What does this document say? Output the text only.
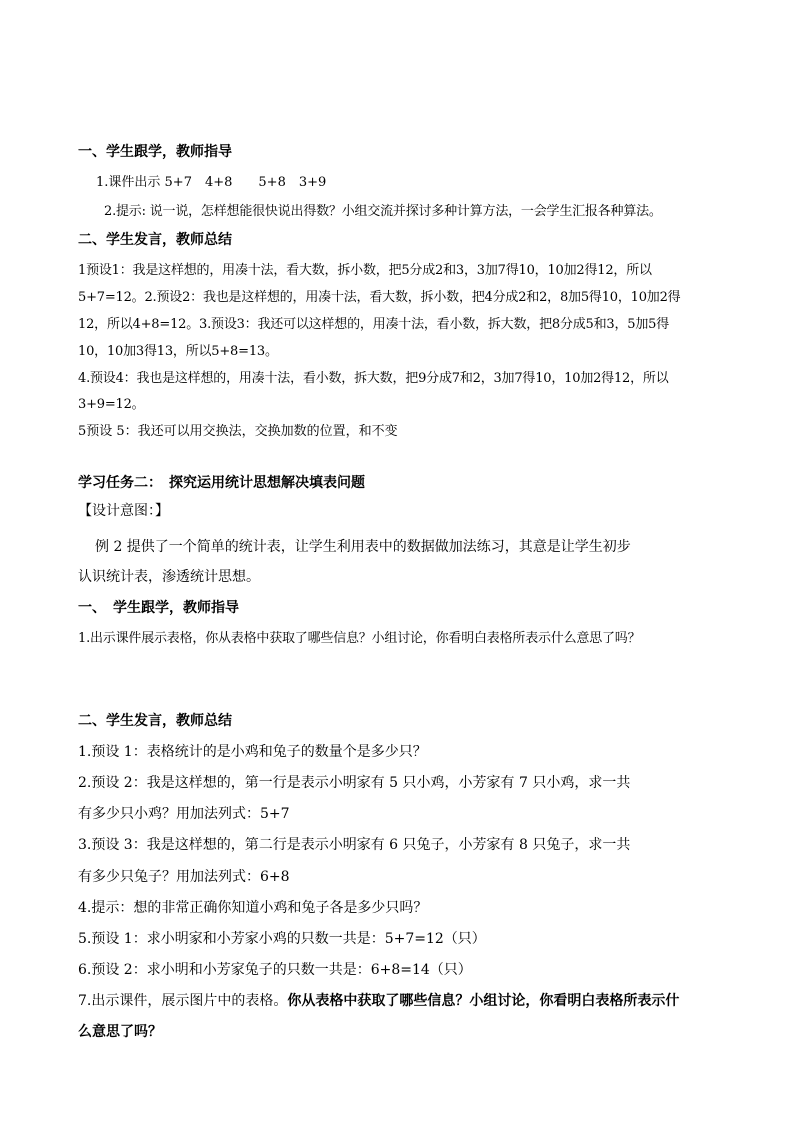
一、学生跟学，教师指导
1.课件出示 5+7　4+8　　5+8　3+9
2.提示: 说一说，怎样想能很快说出得数？小组交流并探讨多种计算方法，一会学生汇报各种算法。
二、学生发言，教师总结
1预设1：我是这样想的，用凑十法，看大数，拆小数，把5分成2和3，3加7得10，10加2得12，所以
5+7=12。2.预设2：我也是这样想的，用凑十法，看大数，拆小数，把4分成2和2，8加5得10，10加2得
12，所以4+8=12。3.预设3：我还可以这样想的，用凑十法，看小数，拆大数，把8分成5和3，5加5得
10，10加3得13，所以5+8=13。
4.预设4：我也是这样想的，用凑十法，看小数，拆大数，把9分成7和2，3加7得10，10加2得12，所以
3+9=12。
5预设 5：我还可以用交换法，交换加数的位置，和不变
学习任务二：　探究运用统计思想解决填表问题
【设计意图：】
例 2 提供了一个简单的统计表，让学生利用表中的数据做加法练习，其意是让学生初步
认识统计表，渗透统计思想。
一、　学生跟学，教师指导
1.出示课件展示表格，你从表格中获取了哪些信息？小组讨论，你看明白表格所表示什么意思了吗？
二、学生发言，教师总结
1.预设 1：表格统计的是小鸡和兔子的数量个是多少只？
2.预设 2：我是这样想的，第一行是表示小明家有 5 只小鸡，小芳家有 7 只小鸡，求一共
有多少只小鸡？用加法列式：5+7
3.预设 3：我是这样想的，第二行是表示小明家有 6 只兔子，小芳家有 8 只兔子，求一共
有多少只兔子？用加法列式：6+8
4.提示：想的非常正确你知道小鸡和兔子各是多少只吗？
5.预设 1：求小明家和小芳家小鸡的只数一共是：5+7=12（只）
6.预设 2：求小明和小芳家兔子的只数一共是：6+8=14（只）
7.出示课件，展示图片中的表格。你从表格中获取了哪些信息？小组讨论，你看明白表格所表示什
么意思了吗？
